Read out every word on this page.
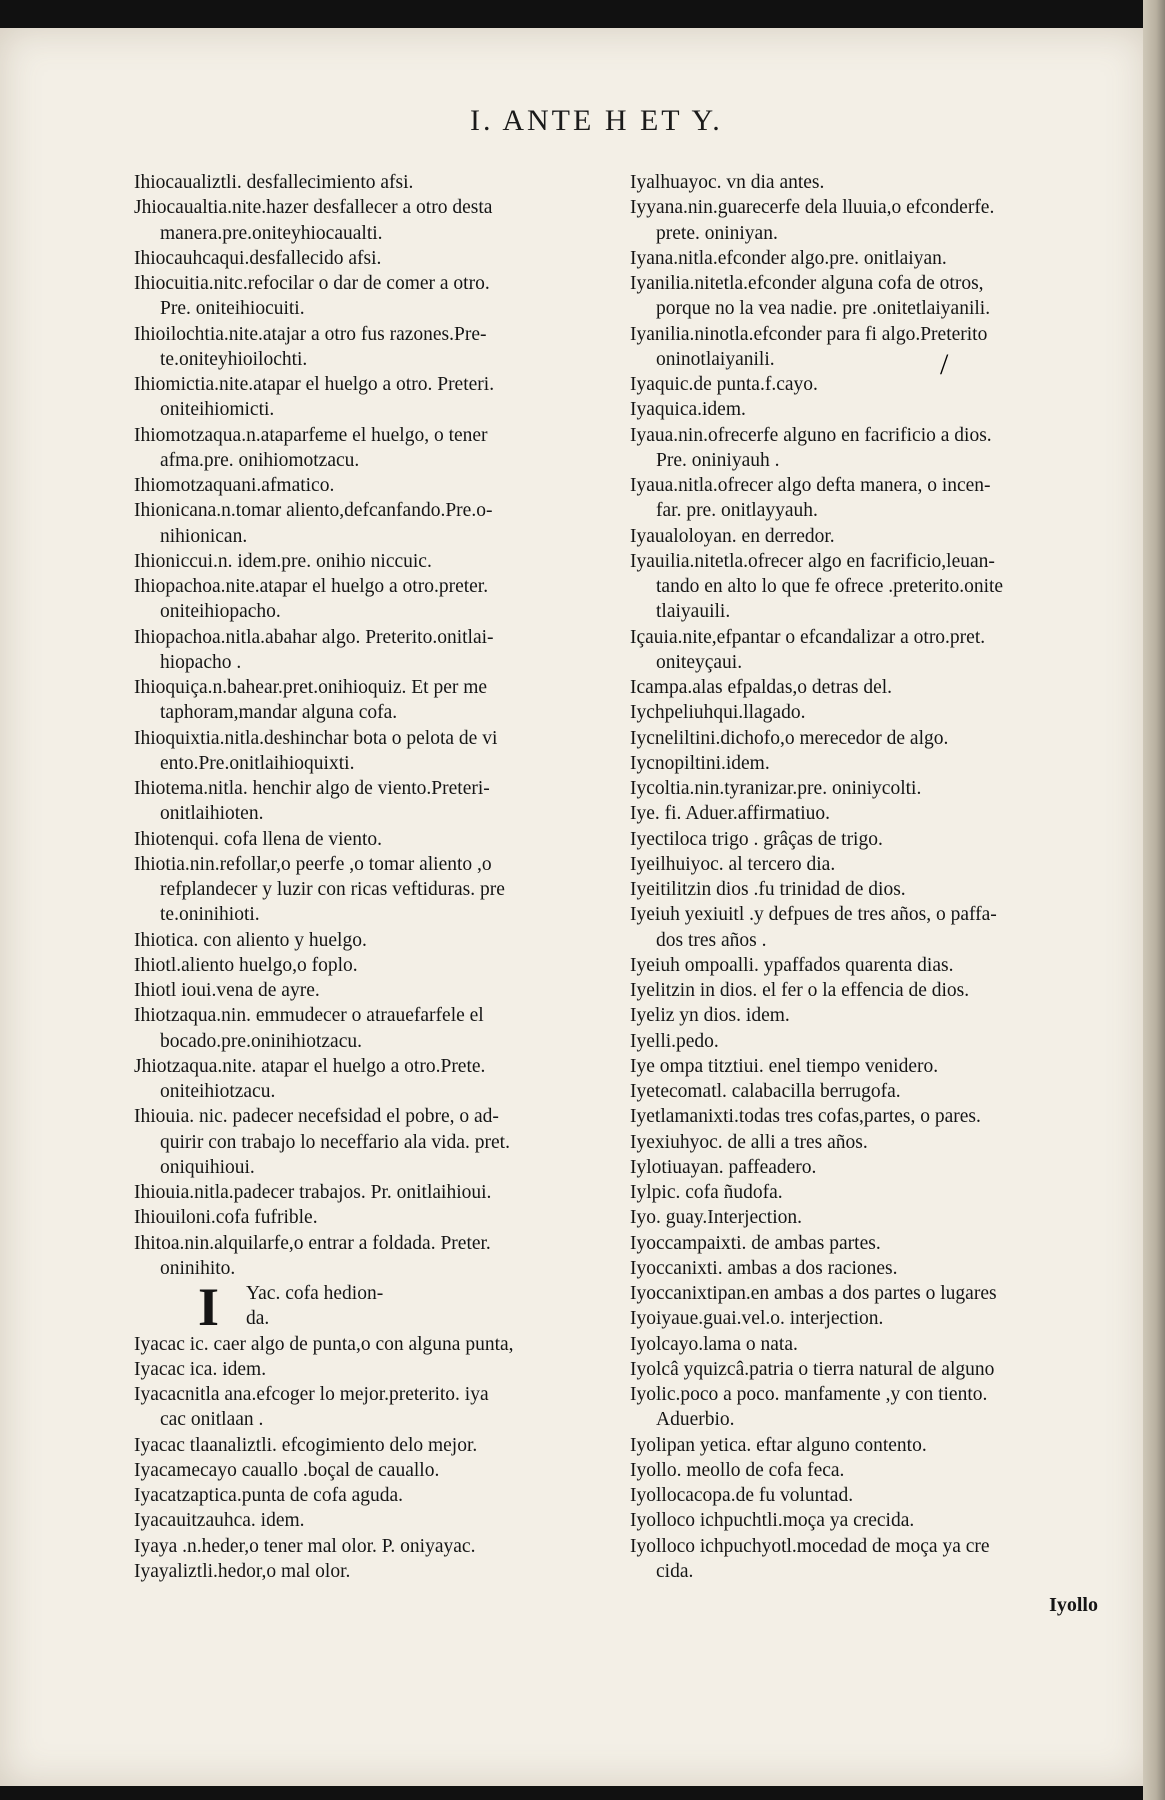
I. ANTE H ET Y.
Ihiocaualiztli. desfallecimiento afsi.
Jhiocaualtia.nite.hazer desfallecer a otro desta
manera.pre.oniteyhiocaualti.
Ihiocauhcaqui.desfallecido afsi.
Ihiocuitia.nitc.refocilar o dar de comer a otro.
Pre. oniteihiocuiti.
Ihioilochtia.nite.atajar a otro fus razones.Pre-
te.oniteyhioilochti.
Ihiomictia.nite.atapar el huelgo a otro. Preteri.
oniteihiomicti.
Ihiomotzaqua.n.ataparfeme el huelgo, o tener
afma.pre. onihiomotzacu.
Ihiomotzaquani.afmatico.
Ihionicana.n.tomar aliento,defcanfando.Pre.o-
nihionican.
Ihioniccui.n. idem.pre. onihio niccuic.
Ihiopachoa.nite.atapar el huelgo a otro.preter.
oniteihiopacho.
Ihiopachoa.nitla.abahar algo. Preterito.onitlai-
hiopacho .
Ihioquiça.n.bahear.pret.onihioquiz. Et per me
taphoram,mandar alguna cofa.
Ihioquixtia.nitla.deshinchar bota o pelota de vi
ento.Pre.onitlaihioquixti.
Ihiotema.nitla. henchir algo de viento.Preteri-
onitlaihioten.
Ihiotenqui. cofa llena de viento.
Ihiotia.nin.refollar,o peerfe ,o tomar aliento ,o
refplandecer y luzir con ricas veftiduras. pre
te.oninihioti.
Ihiotica. con aliento y huelgo.
Ihiotl.aliento huelgo,o foplo.
Ihiotl ioui.vena de ayre.
Ihiotzaqua.nin. emmudecer o atrauefarfele el
bocado.pre.oninihiotzacu.
Jhiotzaqua.nite. atapar el huelgo a otro.Prete.
oniteihiotzacu.
Ihiouia. nic. padecer necefsidad el pobre, o ad-
quirir con trabajo lo neceffario ala vida. pret.
oniquihioui.
Ihiouia.nitla.padecer trabajos. Pr. onitlaihioui.
Ihiouiloni.cofa fufrible.
Ihitoa.nin.alquilarfe,o entrar a foldada. Preter.
oninihito.
I	Yac. cofa hedion-
da.
Iyacac ic. caer algo de punta,o con alguna punta,
Iyacac ica. idem.
Iyacacnitla ana.efcoger lo mejor.preterito. iya
cac onitlaan .
Iyacac tlaanaliztli. efcogimiento delo mejor.
Iyacamecayo cauallo .boçal de cauallo.
Iyacatzaptica.punta de cofa aguda.
Iyacauitzauhca. idem.
Iyaya .n.heder,o tener mal olor. P. oniyayac.
Iyayaliztli.hedor,o mal olor.
Iyalhuayoc. vn dia antes.
Iyyana.nin.guarecerfe dela lluuia,o efconderfe.
prete. oniniyan.
Iyana.nitla.efconder algo.pre. onitlaiyan.
Iyanilia.nitetla.efconder alguna cofa de otros,
porque no la vea nadie. pre .onitetlaiyanili.
Iyanilia.ninotla.efconder para fi algo.Preterito
oninotlaiyanili.
Iyaquic.de punta.f.cayo.
Iyaquica.idem.
Iyaua.nin.ofrecerfe alguno en facrificio a dios.
Pre. oniniyauh .
Iyaua.nitla.ofrecer algo defta manera, o incen-
far. pre. onitlayyauh.
Iyaualoloyan. en derredor.
Iyauilia.nitetla.ofrecer algo en facrificio,leuan-
tando en alto lo que fe ofrece .preterito.onite
tlaiyauili.
Içauia.nite,efpantar o efcandalizar a otro.pret.
oniteyçaui.
Icampa.alas efpaldas,o detras del.
Iychpeliuhqui.llagado.
Iycneliltini.dichofo,o merecedor de algo.
Iycnopiltini.idem.
Iycoltia.nin.tyranizar.pre. oniniycolti.
Iye. fi. Aduer.affirmatiuo.
Iyectiloca trigo . grâças de trigo.
Iyeilhuiyoc. al tercero dia.
Iyeitilitzin dios .fu trinidad de dios.
Iyeiuh yexiuitl .y defpues de tres años, o paffa-
dos tres años .
Iyeiuh ompoalli. ypaffados quarenta dias.
Iyelitzin in dios. el fer o la effencia de dios.
Iyeliz yn dios. idem.
Iyelli.pedo.
Iye ompa titztiui. enel tiempo venidero.
Iyetecomatl. calabacilla berrugofa.
Iyetlamanixti.todas tres cofas,partes, o pares.
Iyexiuhyoc. de alli a tres años.
Iylotiuayan. paffeadero.
Iylpic. cofa ñudofa.
Iyo. guay.Interjection.
Iyoccampaixti. de ambas partes.
Iyoccanixti. ambas a dos raciones.
Iyoccanixtipan.en ambas a dos partes o lugares
Iyoiyaue.guai.vel.o. interjection.
Iyolcayo.lama o nata.
Iyolcâ yquizcâ.patria o tierra natural de alguno
Iyolic.poco a poco. manfamente ,y con tiento.
Aduerbio.
Iyolipan yetica. eftar alguno contento.
Iyollo. meollo de cofa feca.
Iyollocacopa.de fu voluntad.
Iyolloco ichpuchtli.moça ya crecida.
Iyolloco ichpuchyotl.mocedad de moça ya cre
cida.
Iyollo
/
